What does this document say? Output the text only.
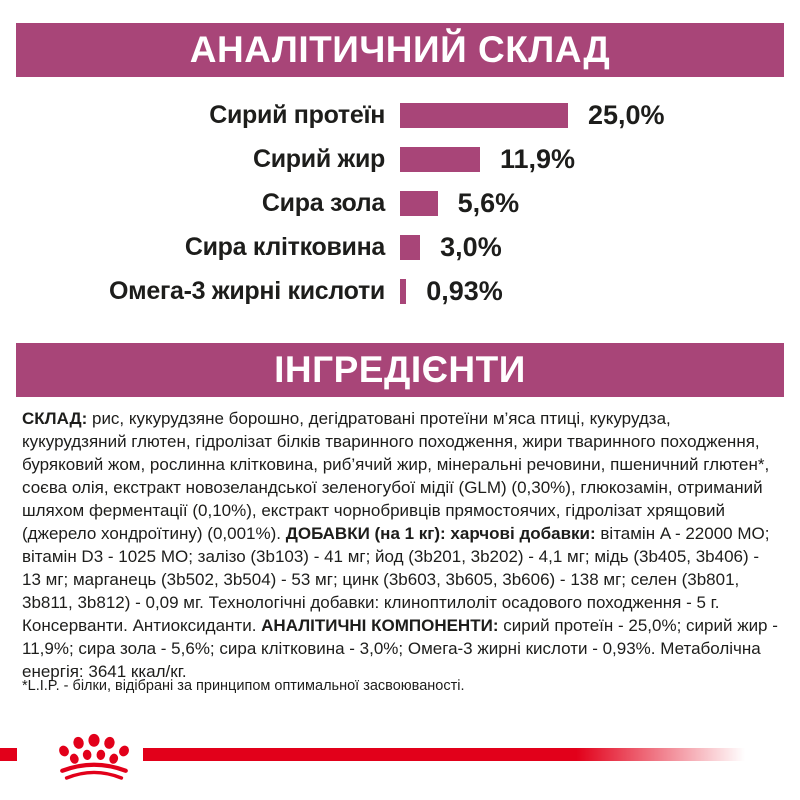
АНАЛІТИЧНИЙ СКЛАД
Сирий протеїн	25,0%
Сирий жир	11,9%
Сира зола	5,6%
Сира клітковина	3,0%
Омега-3 жирні кислоти	0,93%
ІНГРЕДІЄНТИ
СКЛАД: рис, кукурудзяне борошно, дегідратовані протеїни м’яса птиці, кукурудза, кукурудзяний глютен, гідролізат білків тваринного походження, жири тваринного походження, буряковий жом, рослинна клітковина, риб’ячий жир, мінеральні речовини, пшеничний глютен*, соєва олія, екстракт новозеландської зеленогубої мідії (GLM) (0,30%), глюкозамін, отриманий шляхом ферментації (0,10%), екстракт чорнобривців прямостоячих, гідролізат хрящовий (джерело хондроїтину) (0,001%). ДОБАВКИ (на 1 кг): харчові добавки: вітамін A - 22000 МО; вітамін D3 - 1025 МО; залізо (3b103) - 41 мг; йод (3b201, 3b202) - 4,1 мг; мідь (3b405, 3b406) - 13 мг; марганець (3b502, 3b504) - 53 мг; цинк (3b603, 3b605, 3b606) - 138 мг; селен (3b801, 3b811, 3b812) - 0,09 мг. Технологічні добавки: клиноптилоліт осадового походження - 5 г. Консерванти. Антиоксиданти. АНАЛІТИЧНІ КОМПОНЕНТИ: сирий протеїн - 25,0%; сирий жир - 11,9%; сира зола - 5,6%; сира клітковина - 3,0%; Омега-3 жирні кислоти - 0,93%. Метаболічна енергія: 3641 ккал/кг.
*L.I.P. - білки, відібрані за принципом оптимальної засвоюваності.
